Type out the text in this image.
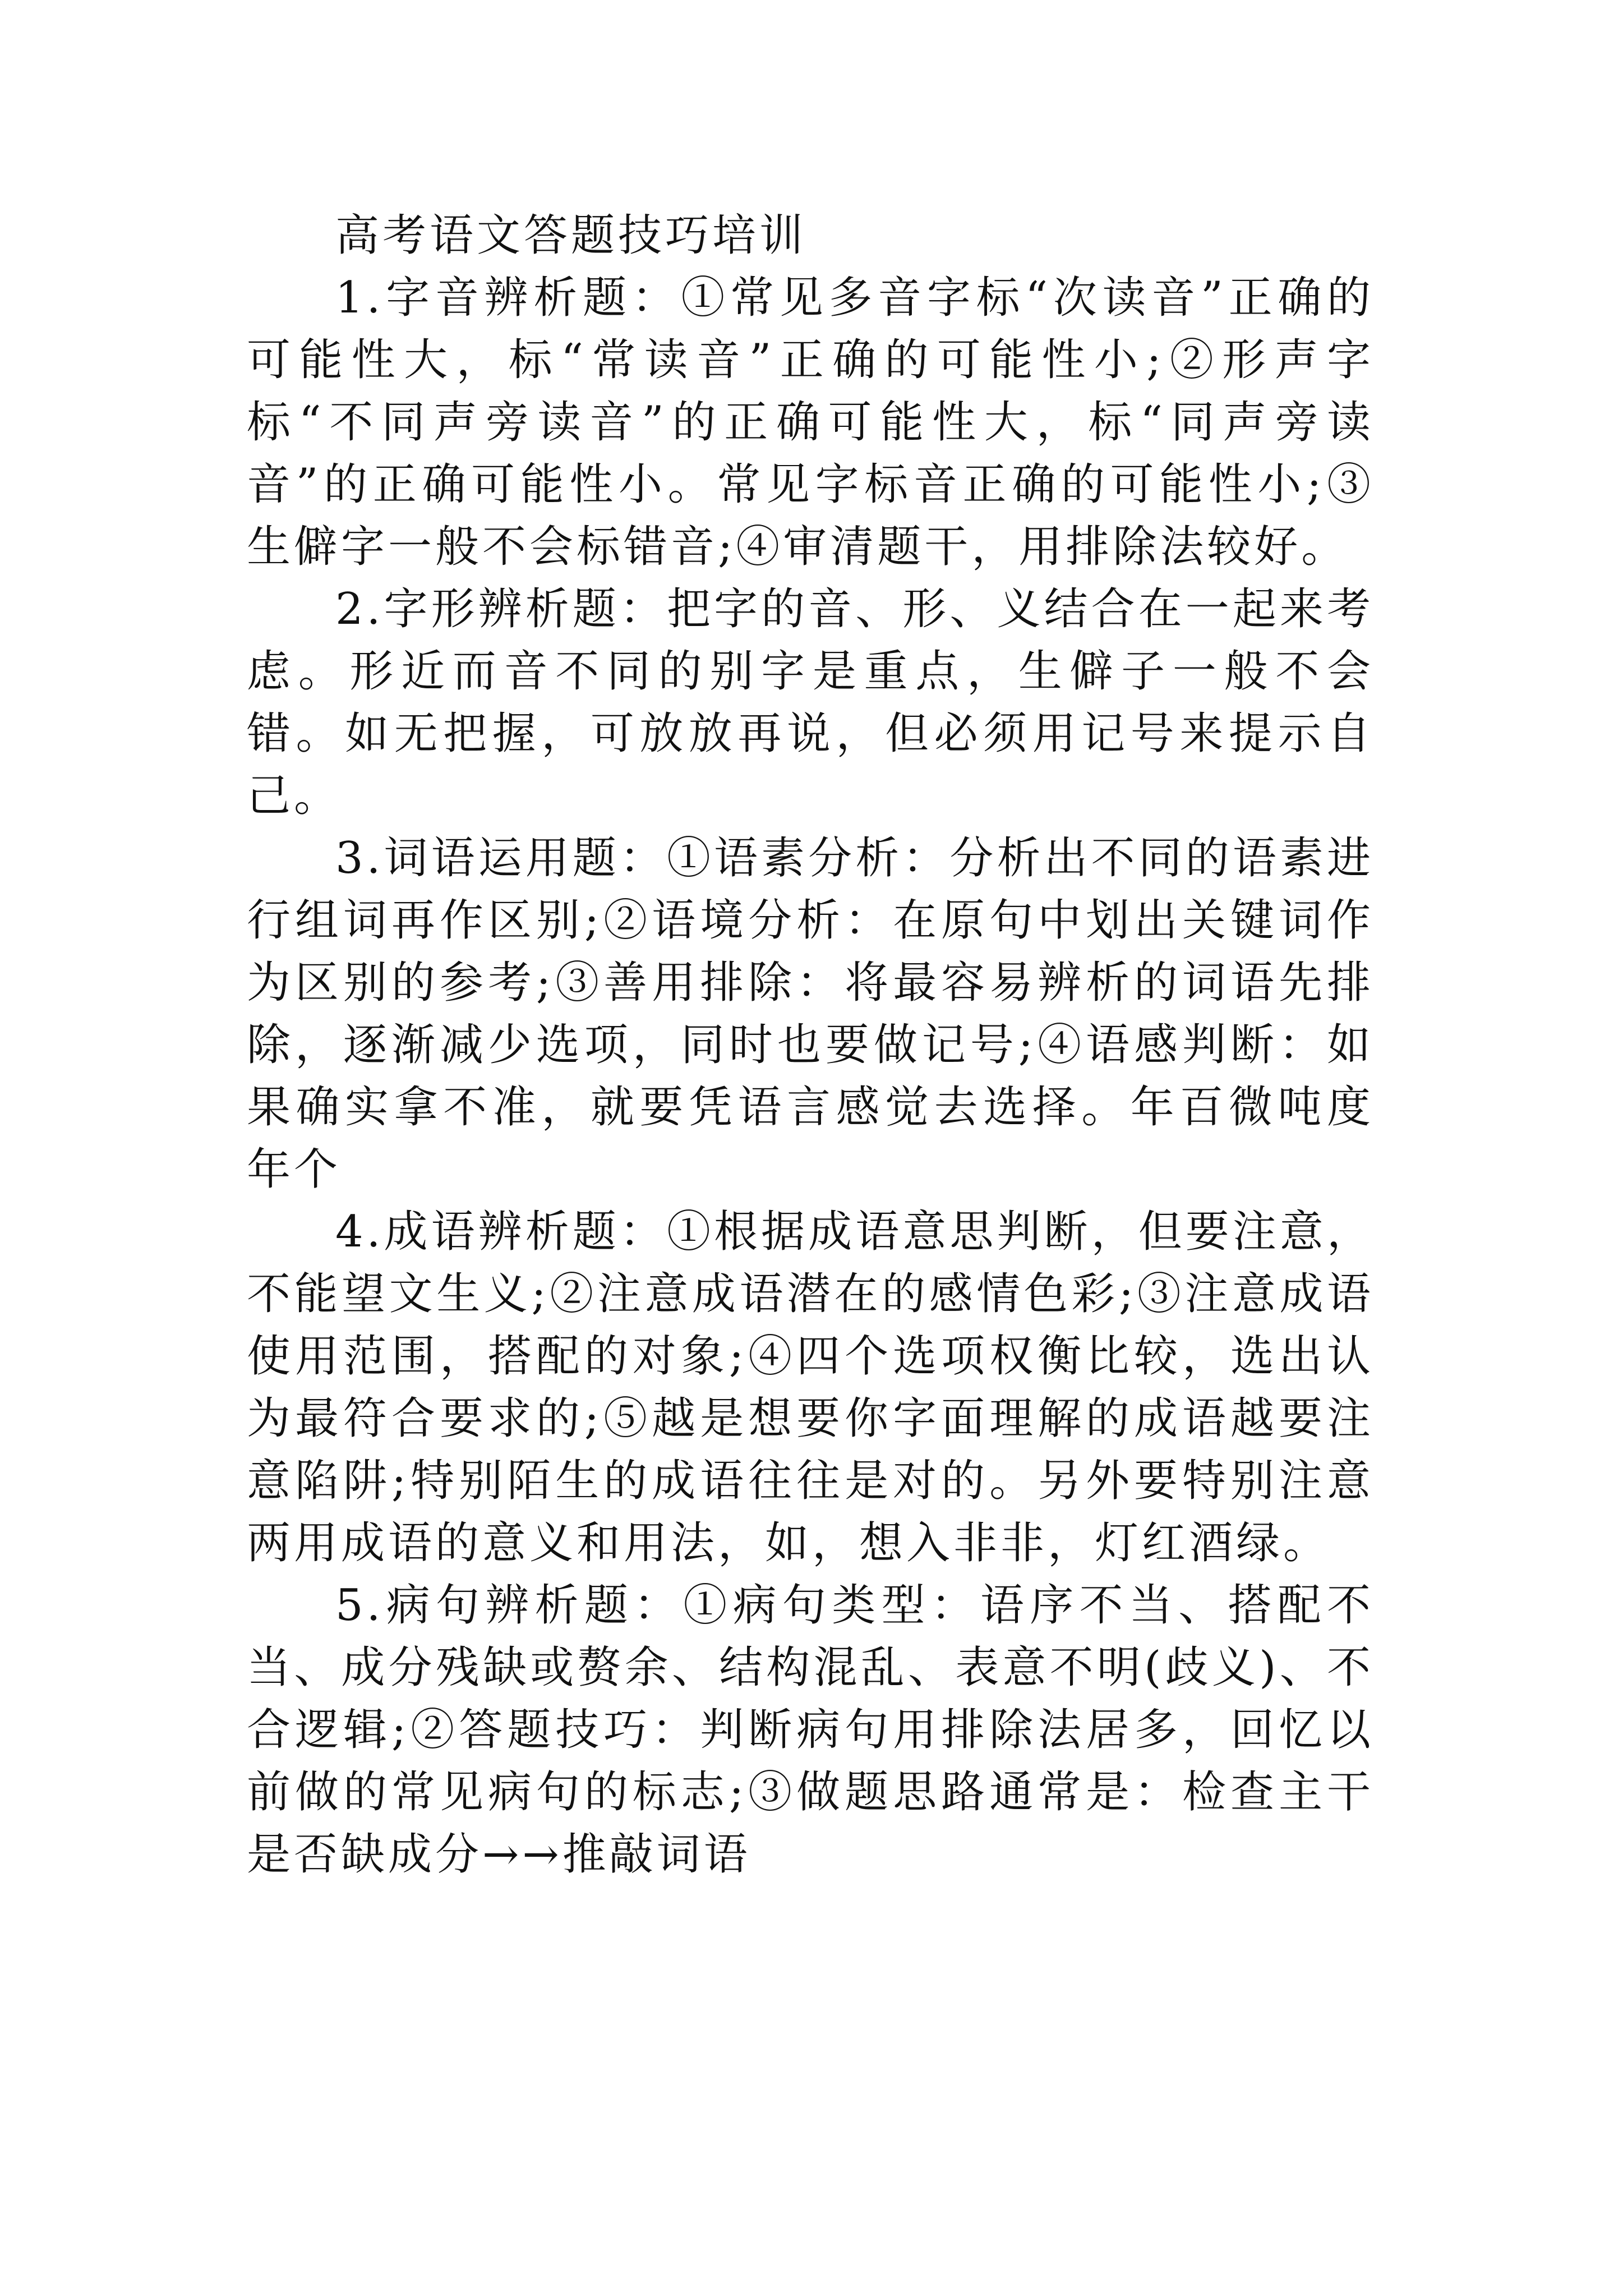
高考语文答题技巧培训

1.字音辨析题：①常见多音字标“次读音”正确的可能性大，标“常读音”正确的可能性小;②形声字标“不同声旁读音”的正确可能性大，标“同声旁读音”的正确可能性小。常见字标音正确的可能性小;③生僻字一般不会标错音;④审清题干，用排除法较好。

2.字形辨析题：把字的音、形、义结合在一起来考虑。形近而音不同的别字是重点，生僻子一般不会错。如无把握，可放放再说，但必须用记号来提示自己。

3.词语运用题：①语素分析：分析出不同的语素进行组词再作区别;②语境分析：在原句中划出关键词作为区别的参考;③善用排除：将最容易辨析的词语先排除，逐渐减少选项，同时也要做记号;④语感判断：如果确实拿不准，就要凭语言感觉去选择。年百微吨度年个

4.成语辨析题：①根据成语意思判断，但要注意，不能望文生义;②注意成语潜在的感情色彩;③注意成语使用范围，搭配的对象;④四个选项权衡比较，选出认为最符合要求的;⑤越是想要你字面理解的成语越要注意陷阱;特别陌生的成语往往是对的。另外要特别注意两用成语的意义和用法，如，想入非非，灯红酒绿。

5.病句辨析题：①病句类型：语序不当、搭配不当、成分残缺或赘余、结构混乱、表意不明(歧义)、不合逻辑;②答题技巧：判断病句用排除法居多，回忆以前做的常见病句的标志;③做题思路通常是：检查主干是否缺成分→→推敲词语
